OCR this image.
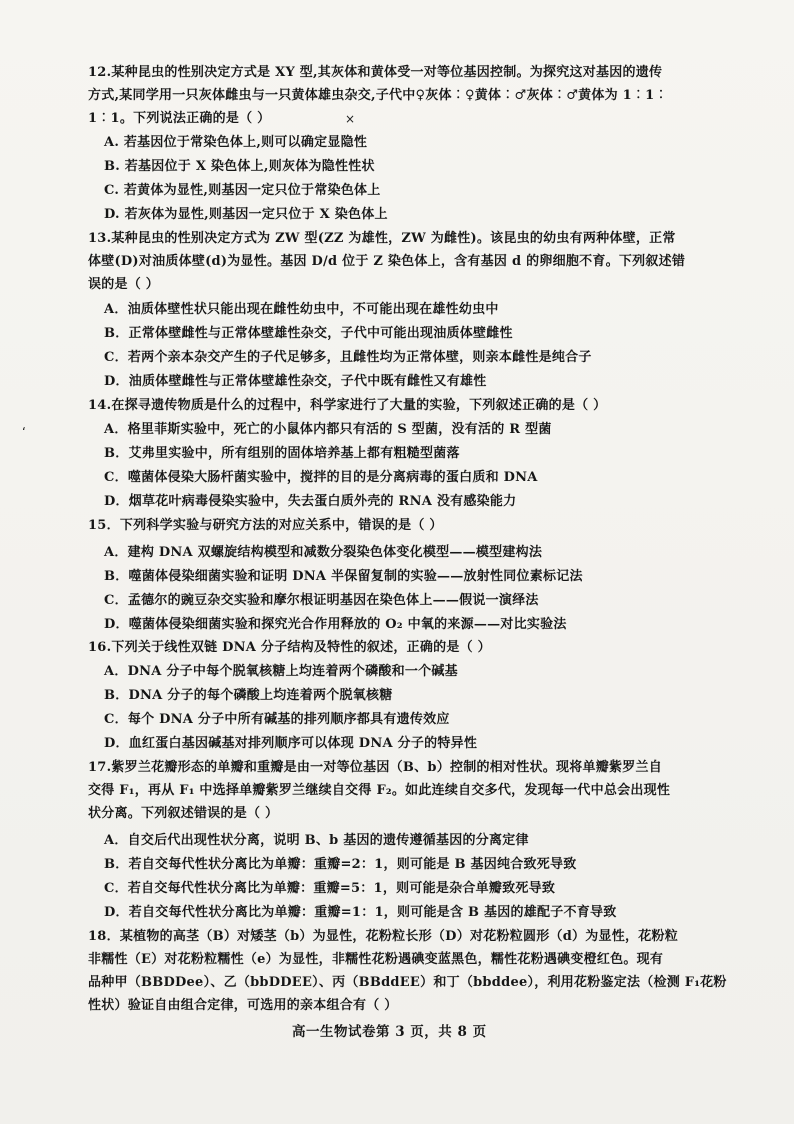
12.某种昆虫的性别决定方式是 XY 型,其灰体和黄体受一对等位基因控制。为探究这对基因的遗传
方式,某同学用一只灰体雌虫与一只黄体雄虫杂交,子代中♀灰体︰♀黄体︰♂灰体︰♂黄体为 1︰1︰
1︰1。下列说法正确的是（ ）
A. 若基因位于常染色体上,则可以确定显隐性
B. 若基因位于 X 染色体上,则灰体为隐性性状
C. 若黄体为显性,则基因一定只位于常染色体上
D. 若灰体为显性,则基因一定只位于 X 染色体上
×
13.某种昆虫的性别决定方式为 ZW 型(ZZ 为雄性，ZW 为雌性)。该昆虫的幼虫有两种体壁，正常
体壁(D)对油质体壁(d)为显性。基因 D/d 位于 Z 染色体上，含有基因 d 的卵细胞不育。下列叙述错
误的是（ ）
A．油质体壁性状只能出现在雌性幼虫中，不可能出现在雄性幼虫中
B．正常体壁雌性与正常体壁雄性杂交，子代中可能出现油质体壁雌性
C．若两个亲本杂交产生的子代足够多，且雌性均为正常体壁，则亲本雌性是纯合子
D．油质体壁雌性与正常体壁雄性杂交，子代中既有雌性又有雄性
14.在探寻遗传物质是什么的过程中，科学家进行了大量的实验，下列叙述正确的是（ ）
‘	A．格里菲斯实验中，死亡的小鼠体内都只有活的 S 型菌，没有活的 R 型菌
B．艾弗里实验中，所有组别的固体培养基上都有粗糙型菌落
C．噬菌体侵染大肠杆菌实验中，搅拌的目的是分离病毒的蛋白质和 DNA
D．烟草花叶病毒侵染实验中，失去蛋白质外壳的 RNA 没有感染能力
15．下列科学实验与研究方法的对应关系中，错误的是（ ）
A．建构 DNA 双螺旋结构模型和减数分裂染色体变化模型——模型建构法
B．噬菌体侵染细菌实验和证明 DNA 半保留复制的实验——放射性同位素标记法
C．孟德尔的豌豆杂交实验和摩尔根证明基因在染色体上——假说一演绎法
D．噬菌体侵染细菌实验和探究光合作用释放的 O₂ 中氧的来源——对比实验法
16.下列关于线性双链 DNA 分子结构及特性的叙述，正确的是（ ）
A．DNA 分子中每个脱氧核糖上均连着两个磷酸和一个碱基
B．DNA 分子的每个磷酸上均连着两个脱氧核糖
C．每个 DNA 分子中所有碱基的排列顺序都具有遗传效应
D．血红蛋白基因碱基对排列顺序可以体现 DNA 分子的特异性
17.紫罗兰花瓣形态的单瓣和重瓣是由一对等位基因（B、b）控制的相对性状。现将单瓣紫罗兰自
交得 F₁，再从 F₁ 中选择单瓣紫罗兰继续自交得 F₂。如此连续自交多代，发现每一代中总会出现性
状分离。下列叙述错误的是（ ）
A．自交后代出现性状分离，说明 B、b 基因的遗传遵循基因的分离定律
B．若自交每代性状分离比为单瓣：重瓣=2：1，则可能是 B 基因纯合致死导致
C．若自交每代性状分离比为单瓣：重瓣=5：1，则可能是杂合单瓣致死导致
D．若自交每代性状分离比为单瓣：重瓣=1：1，则可能是含 B 基因的雄配子不育导致
18．某植物的高茎（B）对矮茎（b）为显性，花粉粒长形（D）对花粉粒圆形（d）为显性，花粉粒
非糯性（E）对花粉粒糯性（e）为显性，非糯性花粉遇碘变蓝黑色，糯性花粉遇碘变橙红色。现有
品种甲（BBDDee）、乙（bbDDEE）、丙（BBddEE）和丁（bbddee），利用花粉鉴定法（检测 F₁花粉
性状）验证自由组合定律，可选用的亲本组合有（ ）
高一生物试卷第 3 页，共 8 页
